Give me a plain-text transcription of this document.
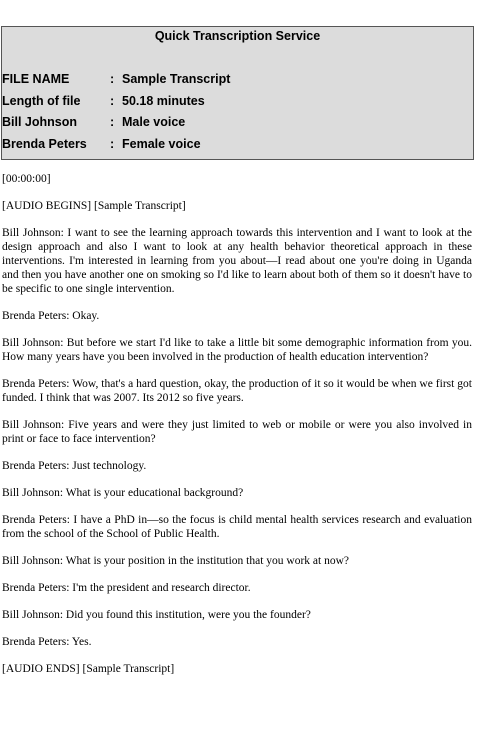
Quick Transcription Service
FILE NAME	: Sample Transcript
Length of file : 50.18 minutes
Bill Johnson	: Male voice
Brenda Peters : Female voice

[00:00:00]

[AUDIO BEGINS] [Sample Transcript]

Bill Johnson: I want to see the learning approach towards this intervention and I want to look at the design approach and also I want to look at any health behavior theoretical approach in these interventions. I'm interested in learning from you about—I read about one you're doing in Uganda and then you have another one on smoking so I'd like to learn about both of them so it doesn't have to be specific to one single intervention.

Brenda Peters: Okay.

Bill Johnson: But before we start I'd like to take a little bit some demographic information from you. How many years have you been involved in the production of health education intervention?

Brenda Peters: Wow, that's a hard question, okay, the production of it so it would be when we first got funded. I think that was 2007. Its 2012 so five years.

Bill Johnson: Five years and were they just limited to web or mobile or were you also involved in print or face to face intervention?

Brenda Peters: Just technology.

Bill Johnson: What is your educational background?

Brenda Peters: I have a PhD in—so the focus is child mental health services research and evaluation from the school of the School of Public Health.

Bill Johnson: What is your position in the institution that you work at now?

Brenda Peters: I'm the president and research director.

Bill Johnson: Did you found this institution, were you the founder?

Brenda Peters: Yes.

[AUDIO ENDS] [Sample Transcript]
